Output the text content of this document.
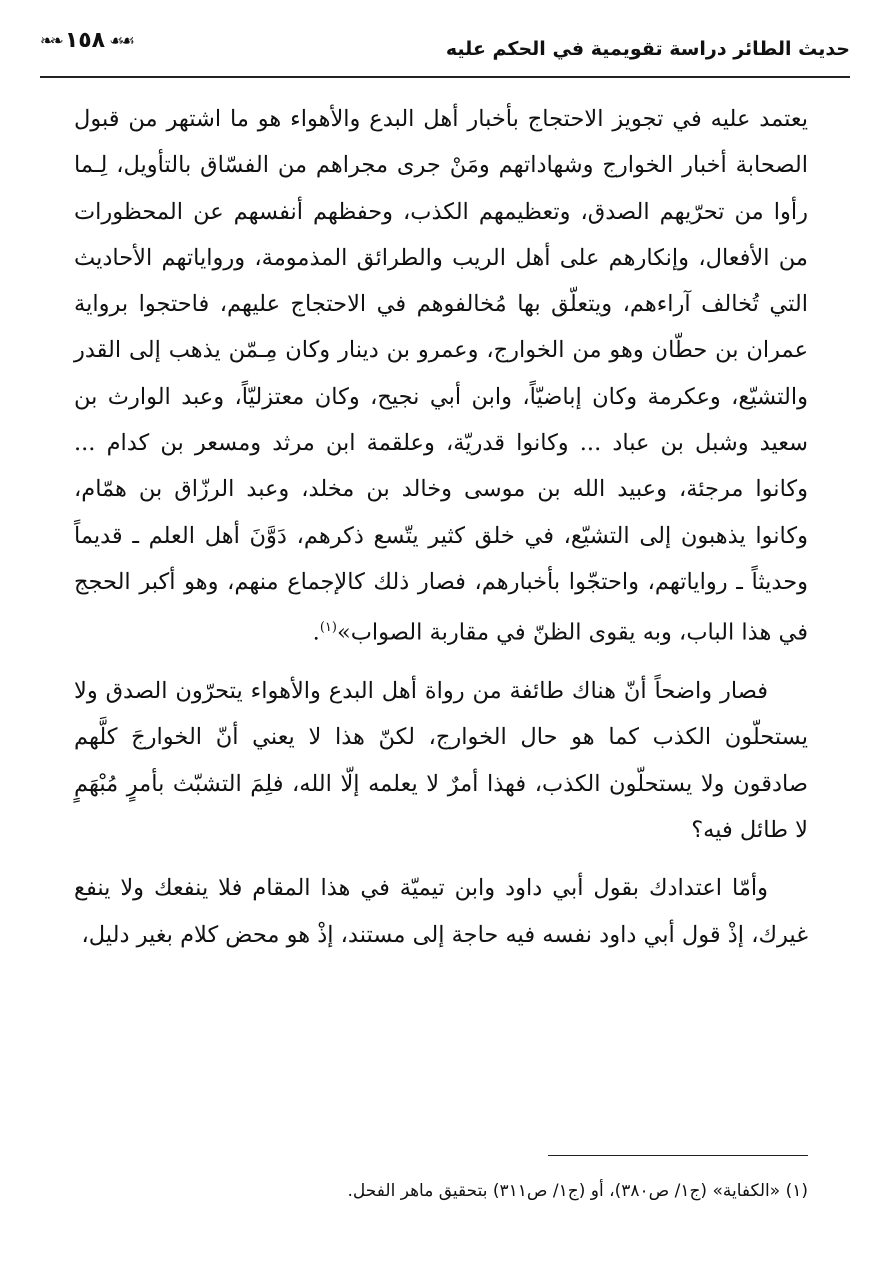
حديث الطائر دراسة تقويمية في الحكم عليه
❧❧ ١٥٨ ☙☙

يعتمد عليه في تجويز الاحتجاج بأخبار أهل البدع والأهواء هو ما اشتهر من قبول الصحابة أخبار الخوارج وشهاداتهم ومَنْ جرى مجراهم من الفسّاق بالتأويل، لِـما رأوا من تحرّيهم الصدق، وتعظيمهم الكذب، وحفظهم أنفسهم عن المحظورات من الأفعال، وإنكارهم على أهل الريب والطرائق المذمومة، ورواياتهم الأحاديث التي تُخالف آراءهم، ويتعلّق بها مُخالفوهم في الاحتجاج عليهم، فاحتجوا برواية عمران بن حطّان وهو من الخوارج، وعمرو بن دينار وكان مِـمّن يذهب إلى القدر والتشيّع، وعكرمة وكان إباضيّاً، وابن أبي نجيح، وكان معتزليّاً، وعبد الوارث بن سعيد وشبل بن عباد ... وكانوا قدريّة، وعلقمة ابن مرثد ومسعر بن كدام ... وكانوا مرجئة، وعبيد الله بن موسى وخالد بن مخلد، وعبد الرزّاق بن همّام، وكانوا يذهبون إلى التشيّع، في خلق كثير يتّسع ذكرهم، دَوَّنَ أهل العلم ـ قديماً وحديثاً ـ رواياتهم، واحتجّوا بأخبارهم، فصار ذلك كالإجماع منهم، وهو أكبر الحجج في هذا الباب، وبه يقوى الظنّ في مقاربة الصواب»$^{(١)}$.

فصار واضحاً أنّ هناك طائفة من رواة أهل البدع والأهواء يتحرّون الصدق ولا يستحلّون الكذب كما هو حال الخوارج، لكنّ هذا لا يعني أنّ الخوارجَ كلَّهم صادقون ولا يستحلّون الكذب، فهذا أمرٌ لا يعلمه إلّا الله، فلِمَ التشبّث بأمرٍ مُبْهَمٍ لا طائل فيه؟

وأمّا اعتدادك بقول أبي داود وابن تيميّة في هذا المقام فلا ينفعك ولا ينفع غيرك، إذْ قول أبي داود نفسه فيه حاجة إلى مستند، إذْ هو محض كلام بغير دليل،

(١) «الكفاية» (ج١/ ص٣٨٠)، أو (ج١/ ص٣١١) بتحقيق ماهر الفحل.
